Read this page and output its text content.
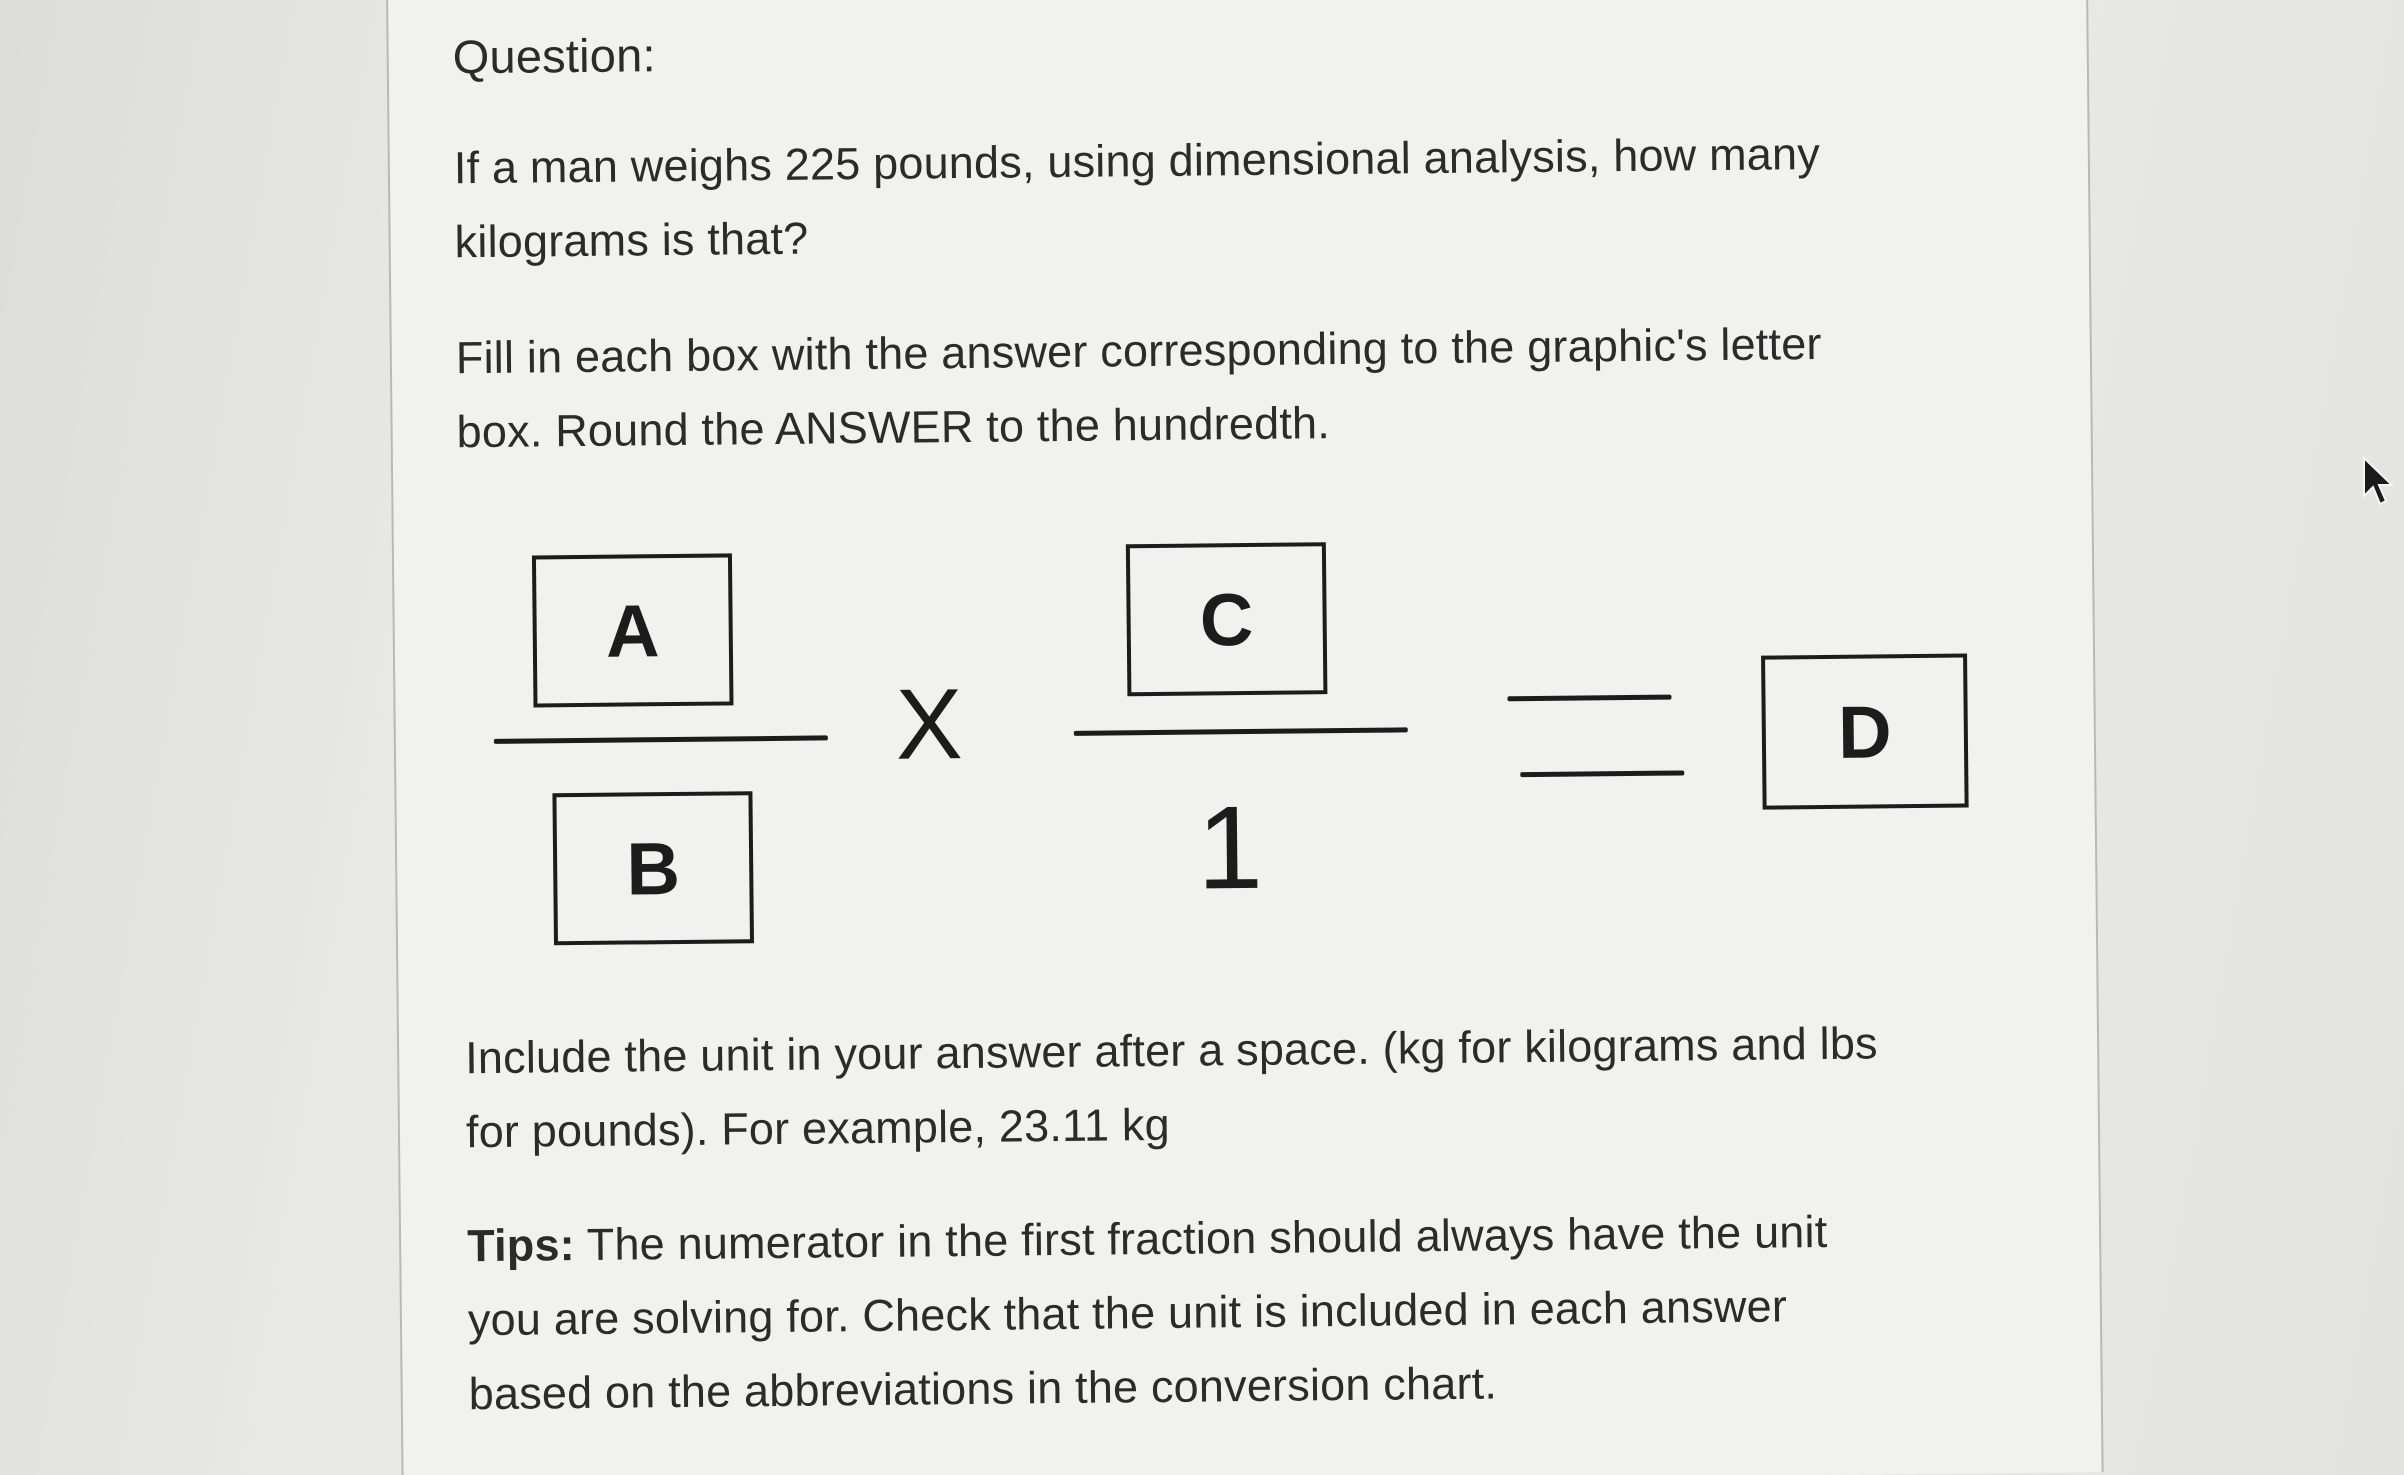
Question:
If a man weighs 225 pounds, using dimensional analysis, how many
kilograms is that?
Fill in each box with the answer corresponding to the graphic's letter
box. Round the ANSWER to the hundredth.
A
B
X
C
1
D
Include the unit in your answer after a space. (kg for kilograms and lbs
for pounds). For example, 23.11 kg
Tips: The numerator in the first fraction should always have the unit
you are solving for. Check that the unit is included in each answer
based on the abbreviations in the conversion chart.
